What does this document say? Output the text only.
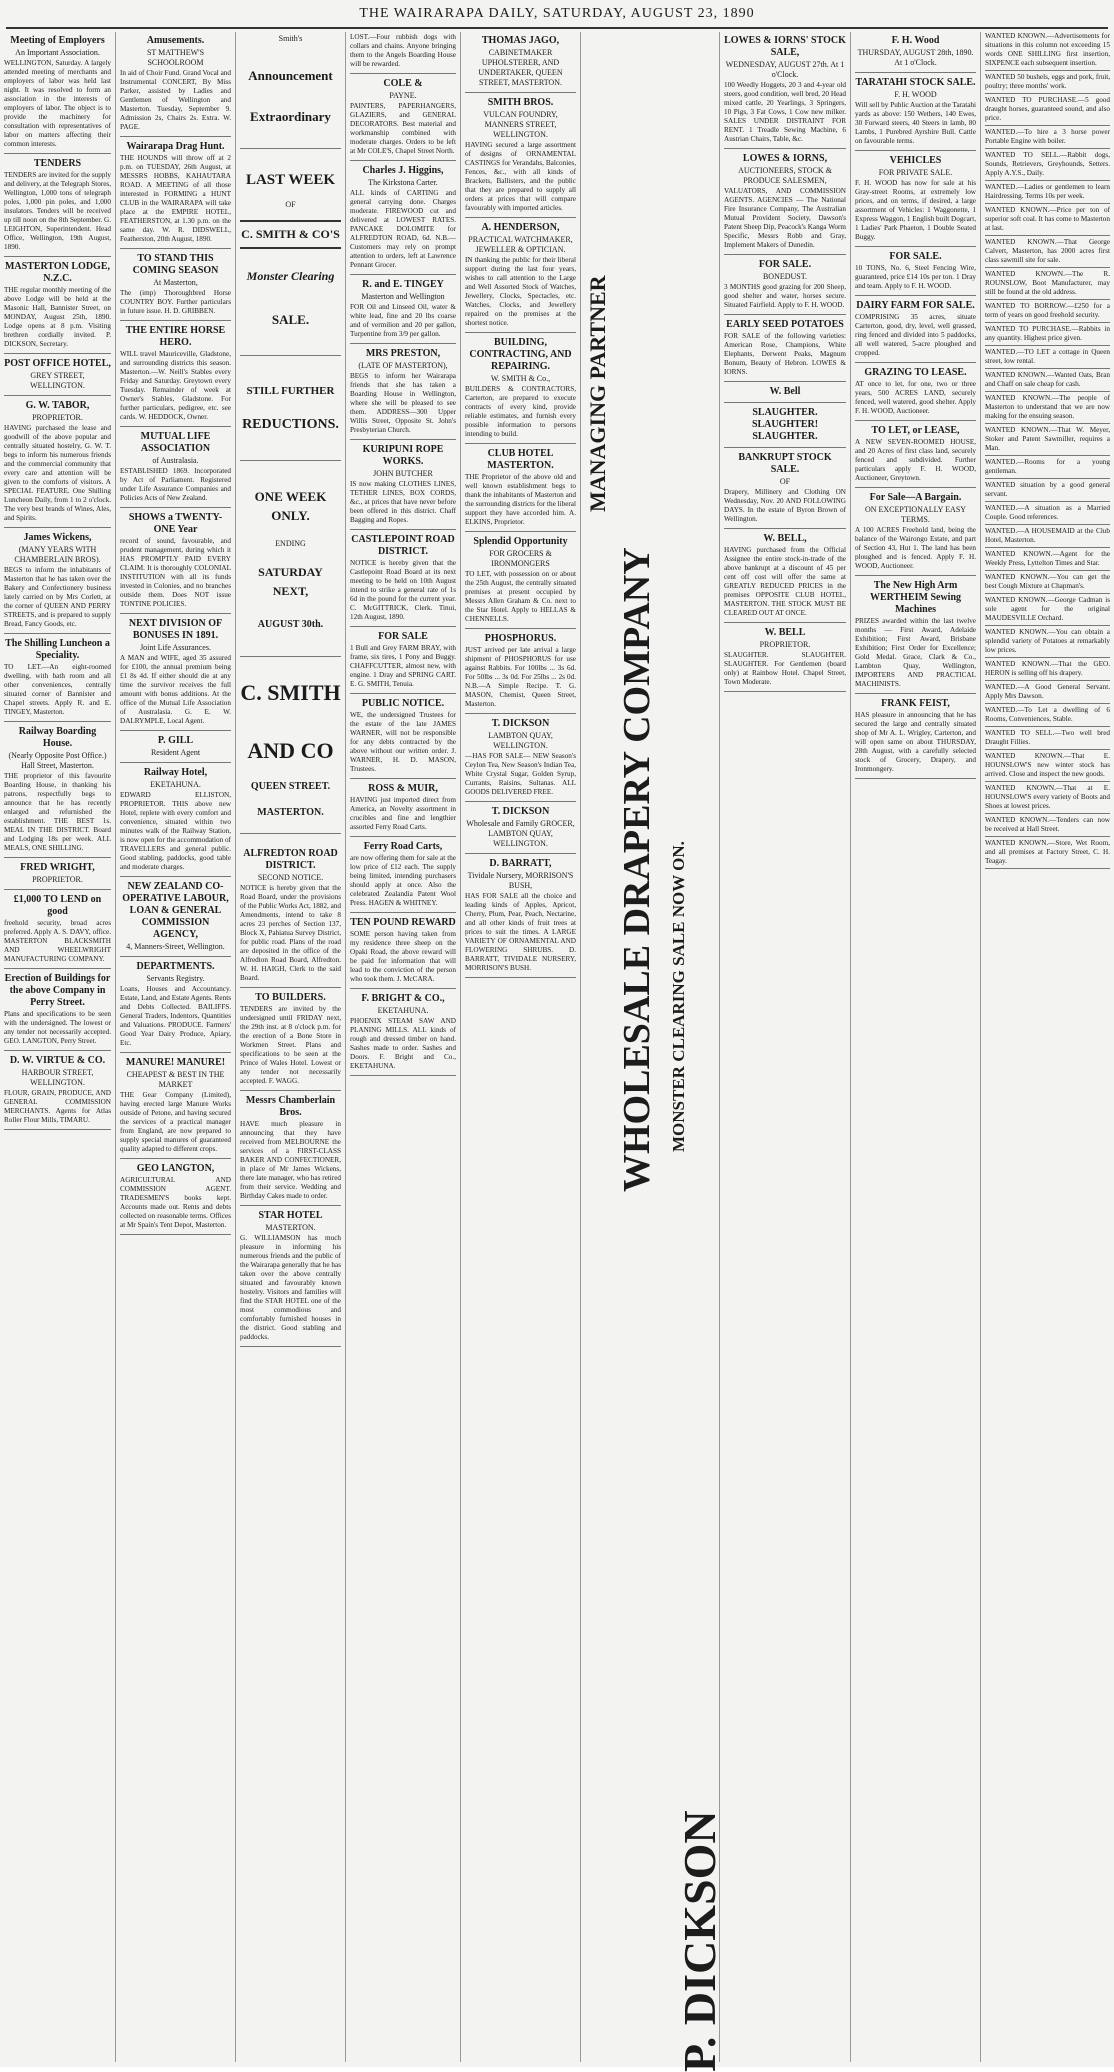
THE WAIRARAPA DAILY, SATURDAY, AUGUST 23, 1890
Meeting of Employers
An Important Association.
WELLINGTON, Saturday. A largely attended meeting of merchants and employers of labor was held last night. It was resolved to form an association in the interests of employers of labor. The object is to provide the machinery for consultation with representatives of labor on matters affecting their common interests.
TENDERS
TENDERS are invited for the supply and delivery, at the Telegraph Stores, Wellington, 1,000 tons of telegraph poles, 1,000 pin poles, and 1,000 insulators. Tenders will be received up till noon on the 8th September. G. LEIGHTON, Superintendent. Head Office, Wellington, 19th August, 1890.
MASTERTON LODGE, N.Z.C.
THE regular monthly meeting of the above Lodge will be held at the Masonic Hall, Bannister Street, on MONDAY, August 25th, 1890. Lodge opens at 8 p.m. Visiting brethren cordially invited. P. DICKSON, Secretary.
POST OFFICE HOTEL,
GREY STREET, WELLINGTON.
G. W. TABOR,
PROPRIETOR.
HAVING purchased the lease and goodwill of the above popular and centrally situated hostelry, G. W. T. begs to inform his numerous friends and the commercial community that every care and attention will be given to the comforts of visitors. A SPECIAL FEATURE. One Shilling Luncheon Daily, from 1 to 2 o'clock. The very best brands of Wines, Ales, and Spirits.
James Wickens,
(MANY YEARS WITH CHAMBERLAIN BROS).
BEGS to inform the inhabitants of Masterton that he has taken over the Bakery and Confectionery business lately carried on by Mrs Corlett, at the corner of QUEEN AND PERRY STREETS, and is prepared to supply Bread, Fancy Goods, etc.
The Shilling Luncheon a Speciality.
TO LET.—An eight-roomed dwelling, with bath room and all other conveniences, centrally situated corner of Bannister and Chapel streets. Apply R. and E. TINGEY, Masterton.
Railway Boarding House.
(Nearly Opposite Post Office.) Hall Street, Masterton.
THE proprietor of this favourite Boarding House, in thanking his patrons, respectfully begs to announce that he has recently enlarged and refurnished the establishment. THE BEST 1s. MEAL IN THE DISTRICT. Board and Lodging 18s per week. ALL MEALS, ONE SHILLING.
FRED WRIGHT,
PROPRIETOR.
£1,000 TO LEND on good
freehold security, broad acres preferred. Apply A. S. DAVY, office. MASTERTON BLACKSMITH AND WHEELWRIGHT MANUFACTURING COMPANY.
Erection of Buildings for the above Company in Perry Street.
Plans and specifications to be seen with the undersigned. The lowest or any tender not necessarily accepted. GEO. LANGTON, Perry Street.
D. W. VIRTUE & CO.
HARBOUR STREET, WELLINGTON.
FLOUR, GRAIN, PRODUCE, AND GENERAL COMMISSION MERCHANTS. Agents for Atlas Roller Flour Mills, TIMARU.
Amusements.
ST MATTHEW'S SCHOOLROOM
In aid of Choir Fund. Grand Vocal and Instrumental CONCERT, By Miss Parker, assisted by Ladies and Gentlemen of Wellington and Masterton. Tuesday, September 9. Admission 2s, Chairs 2s. Extra. W. PAGE.
Wairarapa Drag Hunt.
THE HOUNDS will throw off at 2 p.m. on TUESDAY, 26th August, at MESSRS HOBBS, KAHAUTARA ROAD. A MEETING of all those interested in FORMING a HUNT CLUB in the WAIRARAPA will take place at the EMPIRE HOTEL, FEATHERSTON, at 1.30 p.m. on the same day. W. R. DIDSWELL, Featherston, 20th August, 1890.
TO STAND THIS COMING SEASON
At Masterton,
The (imp) Thoroughbred Horse COUNTRY BOY. Further particulars in future issue. H. D. GRIBBEN.
THE ENTIRE HORSE HERO.
WILL travel Mauriceville, Gladstone, and surrounding districts this season. Masterton.—W. Neill's Stables every Friday and Saturday. Greytown every Tuesday. Remainder of week at Owner's Stables, Gladstone. For further particulars, pedigree, etc. see cards. W. HEDDOCK, Owner.
MUTUAL LIFE ASSOCIATION
of Australasia.
ESTABLISHED 1869. Incorporated by Act of Parliament. Registered under Life Assurance Companies and Policies Acts of New Zealand.
SHOWS a TWENTY-ONE Year
record of sound, favourable, and prudent management, during which it HAS PROMPTLY PAID EVERY CLAIM. It is thoroughly COLONIAL INSTITUTION with all its funds invested in Colonies, and no branches outside them. Does NOT issue TONTINE POLICIES.
NEXT DIVISION OF BONUSES IN 1891.
Joint Life Assurances.
A MAN and WIFE, aged 35 assured for £100, the annual premium being £1 8s 4d. If either should die at any time the survivor receives the full amount with bonus additions. At the office of the Mutual Life Association of Australasia. G. E. W. DALRYMPLE, Local Agent.
P. GILL
Resident Agent
Railway Hotel,
EKETAHUNA.
EDWARD ELLISTON, PROPRIETOR. THIS above new Hotel, replete with every comfort and convenience, situated within two minutes walk of the Railway Station, is now open for the accommodation of TRAVELLERS and general public. Good stabling, paddocks, good table and moderate charges.
NEW ZEALAND CO-OPERATIVE LABOUR, LOAN & GENERAL COMMISSION AGENCY,
4, Manners-Street, Wellington.
DEPARTMENTS.
Servants Registry.
Loans, Houses and Accountancy. Estate, Land, and Estate Agents. Rents and Debts Collected. BAILIFFS. General Traders, Indentors, Quantities and Valuations. PRODUCE. Farmers' Good Year Dairy Produce, Apiary, Etc.
MANURE! MANURE!
CHEAPEST & BEST IN THE MARKET
THE Gear Company (Limited), having erected large Manure Works outside of Petone, and having secured the services of a practical manager from England, are now prepared to supply special manures of guaranteed quality adapted to different crops.
GEO LANGTON,
AGRICULTURAL AND COMMISSION AGENT. TRADESMEN'S books kept. Accounts made out. Rents and debts collected on reasonable terms. Offices at Mr Spain's Tent Depot, Masterton.
Smith's
Announcement
Extraordinary
LAST WEEK
OF
C. SMITH & CO'S
Monster Clearing
SALE.
STILL FURTHER
REDUCTIONS.
ONE WEEK ONLY.
ENDING
SATURDAY NEXT,
AUGUST 30th.
C. SMITH
AND CO
QUEEN STREET.
MASTERTON.
ALFREDTON ROAD DISTRICT.
SECOND NOTICE.
NOTICE is hereby given that the Road Board, under the provisions of the Public Works Act, 1882, and Amendments, intend to take 8 acres 23 perches of Section 137, Block X, Pahiatua Survey District, for public road. Plans of the road are deposited in the office of the Alfredton Road Board, Alfredton. W. H. HAIGH, Clerk to the said Board.
TO BUILDERS.
TENDERS are invited by the undersigned until FRIDAY next, the 29th inst. at 8 o'clock p.m. for the erection of a Bone Store in Workmen Street. Plans and specifications to be seen at the Prince of Wales Hotel. Lowest or any tender not necessarily accepted. F. WAGG.
Messrs Chamberlain Bros.
HAVE much pleasure in announcing that they have received from MELBOURNE the services of a FIRST-CLASS BAKER AND CONFECTIONER, in place of Mr James Wickens, there late manager, who has retired from their service. Wedding and Birthday Cakes made to order.
STAR HOTEL
MASTERTON.
G. WILLIAMSON has much pleasure in informing his numerous friends and the public of the Wairarapa generally that he has taken over the above centrally situated and favourably known hostelry. Visitors and families will find the STAR HOTEL one of the most commodious and comfortably furnished houses in the district. Good stabling and paddocks.
LOST.—Four rubbish dogs with collars and chains. Anyone bringing them to the Angels Boarding House will be rewarded.
COLE &
PAYNE.
PAINTERS, PAPERHANGERS, GLAZIERS, and GENERAL DECORATORS. Best material and workmanship combined with moderate charges. Orders to be left at Mr COLE'S, Chapel Street North.
Charles J. Higgins,
The Kirkstona Carter.
ALL kinds of CARTING and general carrying done. Charges moderate. FIREWOOD cut and delivered at LOWEST RATES. PANCAKE DOLOMITE for ALFREDTON ROAD, 6d. N.B.—Customers may rely on prompt attention to orders, left at Lawrence Pennant Grocer.
R. and E. TINGEY
Masterton and Wellington
FOR Oil and Linseed Oil, water & white lead, fine and 20 lbs coarse and of vermilion and 20 per gallon, Turpentine from 3/9 per gallon.
MRS PRESTON,
(LATE OF MASTERTON),
BEGS to inform her Wairarapa friends that she has taken a Boarding House in Wellington, where she will be pleased to see them. ADDRESS—300 Upper Willis Street, Opposite St. John's Presbyterian Church.
KURIPUNI ROPE WORKS.
JOHN BUTCHER
IS now making CLOTHES LINES, TETHER LINES, BOX CORDS, &c., at prices that have never before been offered in this district. Chaff Bagging and Ropes.
CASTLEPOINT ROAD DISTRICT.
NOTICE is hereby given that the Castlepoint Road Board at its next meeting to be held on 10th August intend to strike a general rate of 1s 6d in the pound for the current year. C. McGITTRICK, Clerk. Tinui, 12th August, 1890.
FOR SALE
1 Bull and Grey FARM BRAY, with frame, six tires, 1 Pony and Buggy. CHAFFCUTTER, almost new, with engine. 1 Dray and SPRING CART. E. G. SMITH, Tenuia.
PUBLIC NOTICE.
WE, the undersigned Trustees for the estate of the late JAMES WARNER, will not be responsible for any debts contracted by the above without our written order. J. WARNER, H. D. MASON, Trustees.
ROSS & MUIR,
HAVING just imported direct from America, an Novelty assortment in crucibles and fine and lengthier assorted Ferry Road Carts.
Ferry Road Carts,
are now offering them for sale at the low price of £12 each. The supply being limited, intending purchasers should apply at once. Also the celebrated Zealandia Patent Wool Press. HAGEN & WHITNEY.
TEN POUND REWARD
SOME person having taken from my residence three sheep on the Opaki Road, the above reward will be paid for information that will lead to the conviction of the person who took them. J. McCARA.
F. BRIGHT & CO.,
EKETAHUNA.
PHOENIX STEAM SAW AND PLANING MILLS. ALL kinds of rough and dressed timber on hand. Sashes made to order. Sashes and Doors. F. Bright and Co., EKETAHUNA.
THOMAS JAGO,
CABINETMAKER UPHOLSTERER, AND UNDERTAKER, QUEEN STREET, MASTERTON.
SMITH BROS.
VULCAN FOUNDRY, MANNERS STREET, WELLINGTON.
HAVING secured a large assortment of designs of ORNAMENTAL CASTINGS for Verandahs, Balconies, Fences, &c., with all kinds of Brackets, Ballisters, and the public that they are prepared to supply all orders at prices that will compare favourably with imported articles.
A. HENDERSON,
PRACTICAL WATCHMAKER, JEWELLER & OPTICIAN.
IN thanking the public for their liberal support during the last four years, wishes to call attention to the Large and Well Assorted Stock of Watches, Jewellery, Clocks, Spectacles, etc. Watches, Clocks, and Jewellery repaired on the premises at the shortest notice.
BUILDING, CONTRACTING, AND REPAIRING.
W. SMITH & Co.,
BUILDERS & CONTRACTORS, Carterton, are prepared to execute contracts of every kind, provide reliable estimates, and furnish every possible information to persons intending to build.
CLUB HOTEL MASTERTON.
THE Proprietor of the above old and well known establishment begs to thank the inhabitants of Masterton and the surrounding districts for the liberal support they have accorded him. A. ELKINS, Proprietor.
Splendid Opportunity
FOR GROCERS & IRONMONGERS
TO LET, with possession on or about the 25th August, the centrally situated premises at present occupied by Messrs Allen Graham & Co. next to the Star Hotel. Apply to HELLAS & CHENNELLS.
PHOSPHORUS.
JUST arrived per late arrival a large shipment of PHOSPHORUS for use against Rabbits. For 100lbs ... 3s 6d. For 50lbs ... 3s 0d. For 25lbs ... 2s 0d. N.B.—A Simple Recipe. T. G. MASON, Chemist, Queen Street, Masterton.
T. DICKSON
LAMBTON QUAY, WELLINGTON.
—HAS FOR SALE— NEW Season's Ceylon Tea, New Season's Indian Tea, White Crystal Sugar, Golden Syrup, Currants, Raisins, Sultanas. ALL GOODS DELIVERED FREE.
T. DICKSON
Wholesale and Family GROCER, LAMBTON QUAY, WELLINGTON.
D. BARRATT,
Tividale Nursery, MORRISON'S BUSH,
HAS FOR SALE all the choice and leading kinds of Apples, Apricot, Cherry, Plum, Pear, Peach, Nectarine, and all other kinds of fruit trees at prices to suit the times. A LARGE VARIETY OF ORNAMENTAL AND FLOWERING SHRUBS. D. BARRATT, TIVIDALE NURSERY, MORRISON'S BUSH.
MANAGING PARTNER
WHOLESALE DRAPERY COMPANY MONSTER CLEARING SALE NOW ON.
P. DICKSON
LOWES & IORNS' STOCK SALE,
WEDNESDAY, AUGUST 27th. At 1 o'Clock.
100 Weedly Hoggets, 20 3 and 4-year old steers, good condition, well bred, 20 Head mixed cattle, 20 Yearlings, 3 Springers, 10 Pigs, 3 Fat Cows, 1 Cow new milker. SALES UNDER DISTRAINT FOR RENT. 1 Treadle Sewing Machine, 6 Austrian Chairs, Table, &c.
LOWES & IORNS,
AUCTIONEERS, STOCK & PRODUCE SALESMEN,
VALUATORS, AND COMMISSION AGENTS. AGENCIES — The National Fire Insurance Company, The Australian Mutual Provident Society, Dawson's Patent Sheep Dip, Peacock's Kanga Worm Specific, Messrs Robb and Gray, Implement Makers of Dunedin.
FOR SALE.
BONEDUST.
3 MONTHS good grazing for 200 Sheep, good shelter and water, horses secure. Situated Fairfield. Apply to F. H. WOOD.
EARLY SEED POTATOES
FOR SALE of the following varieties: American Rose, Champions, White Elephants, Derwent Peaks, Magnum Bonum, Beauty of Hebron. LOWES & IORNS.
W. Bell
SLAUGHTER. SLAUGHTER! SLAUGHTER.
BANKRUPT STOCK SALE.
OF
Drapery, Millinery and Clothing ON Wednesday, Nov. 20 AND FOLLOWING DAYS. In the estate of Byron Brown of Wellington.
W. BELL,
HAVING purchased from the Official Assignee the entire stock-in-trade of the above bankrupt at a discount of 45 per cent off cost will offer the same at GREATLY REDUCED PRICES in the premises OPPOSITE CLUB HOTEL, MASTERTON. THE STOCK MUST BE CLEARED OUT AT ONCE.
W. BELL
PROPRIETOR.
SLAUGHTER. SLAUGHTER. SLAUGHTER. For Gentlemen (board only) at Rainbow Hotel. Chapel Street, Town Moderate.
F. H. Wood
THURSDAY, AUGUST 28th, 1890. At 1 o'Clock.
TARATAHI STOCK SALE.
F. H. WOOD
Will sell by Public Auction at the Taratahi yards as above: 150 Wethers, 140 Ewes, 30 Forward steers, 40 Steers in lamb, 80 Lambs, 1 Purebred Ayrshire Bull. Cattle on favourable terms.
VEHICLES
FOR PRIVATE SALE.
F. H. WOOD has now for sale at his Gray-street Rooms, at extremely low prices, and on terms, if desired, a large assortment of Vehicles: 1 Waggonette, 1 Express Waggon, 1 English built Dogcart, 1 Ladies' Park Phaeton, 1 Double Seated Buggy.
FOR SALE.
10 TONS, No. 6, Steel Fencing Wire, guaranteed, price £14 10s per ton. 1 Dray and team. Apply to F. H. WOOD.
DAIRY FARM FOR SALE.
COMPRISING 35 acres, situate Carterton, good, dry, level, well grassed, ring fenced and divided into 5 paddocks, all well watered, 5-acre ploughed and cropped.
GRAZING TO LEASE.
AT once to let, for one, two or three years, 500 ACRES LAND, securely fenced, well watered, good shelter. Apply F. H. WOOD, Auctioneer.
TO LET, or LEASE,
A NEW SEVEN-ROOMED HOUSE, and 20 Acres of first class land, securely fenced and subdivided. Further particulars apply F. H. WOOD, Auctioneer, Greytown.
For Sale—A Bargain.
ON EXCEPTIONALLY EASY TERMS.
A 100 ACRES Freehold land, being the balance of the Wairongo Estate, and part of Section 43, Hut 1. The land has been ploughed and is fenced. Apply F. H. WOOD, Auctioneer.
The New High Arm WERTHEIM Sewing Machines
PRIZES awarded within the last twelve months — First Award, Adelaide Exhibition; First Award, Brisbane Exhibition; First Order for Excellence; Gold Medal. Grace, Clark & Co., Lambton Quay, Wellington, IMPORTERS AND PRACTICAL MACHINISTS.
FRANK FEIST,
HAS pleasure in announcing that he has secured the large and centrally situated shop of Mr A. L. Wrigley, Carterton, and will open same on about THURSDAY, 28th August, with a carefully selected stock of Grocery, Drapery, and Ironmongery.
WANTED KNOWN.—Advertisements for situations in this column not exceeding 15 words ONE SHILLING first insertion, SIXPENCE each subsequent insertion.
WANTED 50 bushels, eggs and pork, fruit, poultry; three months' work.
WANTED TO PURCHASE.—5 good draught horses, guaranteed sound, and also price.
WANTED.—To hire a 3 horse power Portable Engine with boiler.
WANTED TO SELL.—Rabbit dogs, Sounds, Retrievers, Greyhounds, Setters. Apply A.Y.S., Daily.
WANTED.—Ladies or gentlemen to learn Hairdressing. Terms 10s per week.
WANTED KNOWN.—Price per ton of superior soft coal. It has come to Masterton at last.
WANTED KNOWN.—That George Calvert, Masterton, has 2000 acres first class sawmill site for sale.
WANTED KNOWN.—The R. ROUNSLOW, Boot Manufacturer, may still be found at the old address.
WANTED TO BORROW.—£250 for a term of years on good freehold security.
WANTED TO PURCHASE.—Rabbits in any quantity. Highest price given.
WANTED.—TO LET a cottage in Queen street, low rental.
WANTED KNOWN.—Wanted Oats, Bran and Chaff on sale cheap for cash.
WANTED KNOWN.—The people of Masterton to understand that we are now making for the ensuing season.
WANTED KNOWN.—That W. Meyer, Stoker and Patent Sawmiller, requires a Man.
WANTED.—Rooms for a young gentleman.
WANTED situation by a good general servant.
WANTED.—A situation as a Married Couple. Good references.
WANTED.—A HOUSEMAID at the Club Hotel, Masterton.
WANTED KNOWN.—Agent for the Weekly Press, Lyttelton Times and Star.
WANTED KNOWN.—You can get the best Cough Mixture at Chapman's.
WANTED KNOWN.—George Cadman is sole agent for the original MAUDESVILLE Orchard.
WANTED KNOWN.—You can obtain a splendid variety of Potatoes at remarkably low prices.
WANTED KNOWN.—That the GEO. HERON is selling off his drapery.
WANTED.—A Good General Servant. Apply Mrs Dawson.
WANTED.—To Let a dwelling of 6 Rooms, Conveniences, Stable.
WANTED TO SELL.—Two well bred Draught Fillies.
WANTED KNOWN.—That E. HOUNSLOW'S new winter stock has arrived. Close and inspect the new goods.
WANTED KNOWN.—That at E. HOUNSLOW'S every variety of Boots and Shoes at lowest prices.
WANTED KNOWN.—Tenders can now be received at Hall Street.
WANTED KNOWN.—Store, Wet Room, and all premises at Factory Street, C. H. Teagay.
